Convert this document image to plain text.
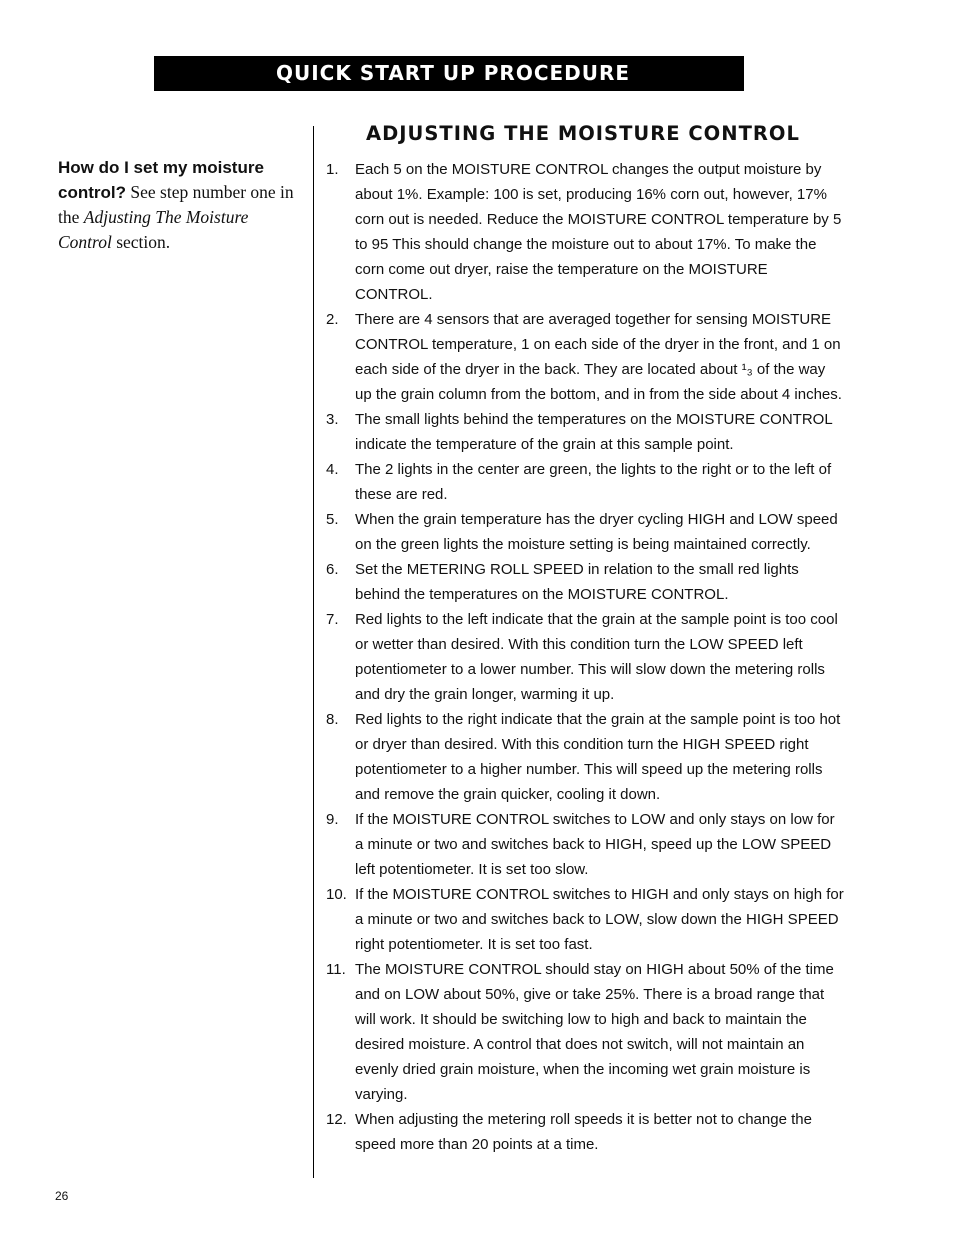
QUICK START UP PROCEDURE
How do I set my moisture control? See step number one in the Adjusting The Moisture Control section.
ADJUSTING THE MOISTURE CONTROL
1.	Each 5 on the MOISTURE CONTROL changes the output moisture by about 1%. Example: 100 is set, producing 16% corn out, however, 17% corn out is needed. Reduce the MOISTURE CONTROL temperature by 5 to 95 This should change the moisture out to about 17%. To make the corn come out dryer, raise the temperature on the MOISTURE CONTROL.
2.	There are 4 sensors that are averaged together for sensing MOISTURE CONTROL temperature, 1 on each side of the dryer in the front, and 1 on each side of the dryer in the back. They are located about ¹₃ of the way up the grain column from the bottom, and in from the side about 4 inches.
3.	The small lights behind the temperatures on the MOISTURE CONTROL indicate the temperature of the grain at this sample point.
4.	The 2 lights in the center are green, the lights to the right or to the left of these are red.
5.	When the grain temperature has the dryer cycling HIGH and LOW speed on the green lights the moisture setting is being maintained correctly.
6.	Set the METERING ROLL SPEED in relation to the small red lights behind the temperatures on the MOISTURE CONTROL.
7.	Red lights to the left indicate that the grain at the sample point is too cool or wetter than desired. With this condition turn the LOW SPEED left potentiometer to a lower number. This will slow down the metering rolls and dry the grain longer, warming it up.
8.	Red lights to the right indicate that the grain at the sample point is too hot or dryer than desired. With this condition turn the HIGH SPEED right potentiometer to a higher number. This will speed up the metering rolls and remove the grain quicker, cooling it down.
9.	If the MOISTURE CONTROL switches to LOW and only stays on low for a minute or two and switches back to HIGH, speed up the LOW SPEED left potentiometer. It is set too slow.
10. If the MOISTURE CONTROL switches to HIGH and only stays on high for a minute or two and switches back to LOW, slow down the HIGH SPEED right potentiometer. It is set too fast.
11. The MOISTURE CONTROL should stay on HIGH about 50% of the time and on LOW about 50%, give or take 25%. There is a broad range that will work. It should be switching low to high and back to maintain the desired moisture. A control that does not switch, will not maintain an evenly dried grain moisture, when the incoming wet grain moisture is varying.
12. When adjusting the metering roll speeds it is better not to change the speed more than 20 points at a time.
26
